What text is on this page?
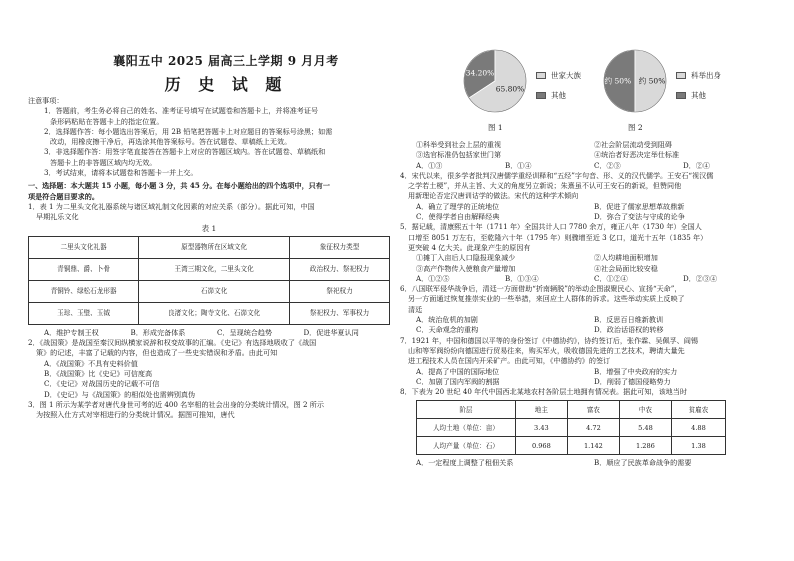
襄阳五中 2025 届高三上学期 9 月月考
历 史 试 题
注意事项：
1．答题前，考生务必将自己的姓名、准考证号填写在试题卷和答题卡上，并将准考证号
条形码粘贴在答题卡上的指定位置。
2．选择题作答：每小题选出答案后，用 2B 铅笔把答题卡上对应题目的答案标号涂黑；如需
改动，用橡皮擦干净后，再选涂其他答案标号。答在试题卷、草稿纸上无效。
3．非选择题作答：用签字笔直接答在答题卡上对应的答题区域内。答在试题卷、草稿纸和
答题卡上的非答题区域内均无效。
3．考试结束，请将本试题卷和答题卡一并上交。
一、选择题：本大题共 15 小题，每小题 3 分，共 45 分。在每小题给出的四个选项中，只有一
项是符合题目要求的。
1．表 1 为二里头文化礼器系统与诸区域礼制文化因素的对应关系（部分）。据此可知，中国
早期礼乐文化
表 1
二里头文化礼器	原型器物所在区域文化	象征权力类型
青铜鼎、爵、卜骨	王湾三期文化，二里头文化	政治权力、祭祀权力
青铜铃、绿松石龙形器	石峁文化	祭祀权力
玉琮、玉璧、玉钺	良渚文化；陶寺文化、石峁文化	祭祀权力、军事权力
A．维护专制王权	B．形成完备体系	C．呈现统合趋势	D．促进华夏认同
2．《战国策》是战国至秦汉间纵横家说辞和权变故事的汇编。《史记》有选择地吸收了《战国
策》的记述，丰富了记载的内容，但也造成了一些史实错误和矛盾。由此可知
A．《战国策》不具有史料价值
B．《战国策》比《史记》可信度高
C．《史记》对战国历史的记载不可信
D．《史记》与《战国策》的相似处也需辨别真伪
3．图 1 所示为某学者对唐代身世可考的近 400 名宰相的社会出身的分类统计情况，图 2 所示
为按照入仕方式对宰相进行的分类统计情况。据图可推知，唐代
34.20%
65.80%
世家大族
其他
图 1
约 50% 约 50%
科举出身
其他
图 2
①科举受到社会上层的重视	②社会阶层流动受到阻碍
③选官标准仍包括家世门第	④统治者好恶决定举仕标准
A．①③	B．①④	C．②③	D．②④
4．宋代以来，很多学者批判汉唐儒学重经训释和“五经”字句音、形、义的汉代儒学。王安石“视汉儒
之学若土梗”，并从主旨、大义的角度另立新说；朱熹虽不认可王安石的新说，但赞同他
用新理论否定汉唐训诂学的做法。宋代的这种学术倾向
A．确立了理学的正统地位	B．促进了儒家思想革故鼎新
C．使得学者自由解释经典	D．弥合了变法与守成的论争
5．据记载，清康熙五十年（1711 年）全国共计人口 7780 余万，雍正八年（1730 年）全国人
口增至 8051 万左右，至乾隆六十年（1795 年）则骤增至近 3 亿口，道光十五年（1835 年）
更突破 4 亿大关。此现象产生的原因有
①摊丁入亩后人口隐报现象减少	②人均耕地面积增加
③高产作物传入使粮食产量增加	④社会局面比较安稳
A．①②⑤	B．①③④	C．①②④	D．②③④
6．八国联军侵华战争后，清廷一方面借助“折南辆脱”的举动企图淑聚民心、宣扬“天命”，
另一方面通过恢复推崇实业的一些举措，来回应土人群体的诉求。这些举动实质上反映了
清廷
A．统治危机的加剧	B．反思百日维新教训
C．天命观念的重构	D．政治话语权的转移
7．1921 年，中国和德国以平等的身份签订《中德协约》，协约签订后，张作霖、吴佩孚、阎锡
山和等军阀纷纷向德国进行贸易往来，购买军火，吸收德国先进的工艺技术，聘请大量先
进工程技术人员在国内开采矿产。由此可知，《中德协约》的签订
A．提高了中国的国际地位	B．增强了中央政府的实力
C．加剧了国内军阀的割据	D．削弱了德国侵略势力
8．下表为 20 世纪 40 年代中国西北某地农村各阶层土地拥有情况表。据此可知，该地当时
阶层	地主	富农	中农	贫雇农
人均土地（单位：亩）	3.43	4.72	5.48	4.88
人均产量（单位：石）	0.968	1.142	1.286	1.38
A．一定程度上调整了租佃关系	B．顺应了民族革命战争的需要
